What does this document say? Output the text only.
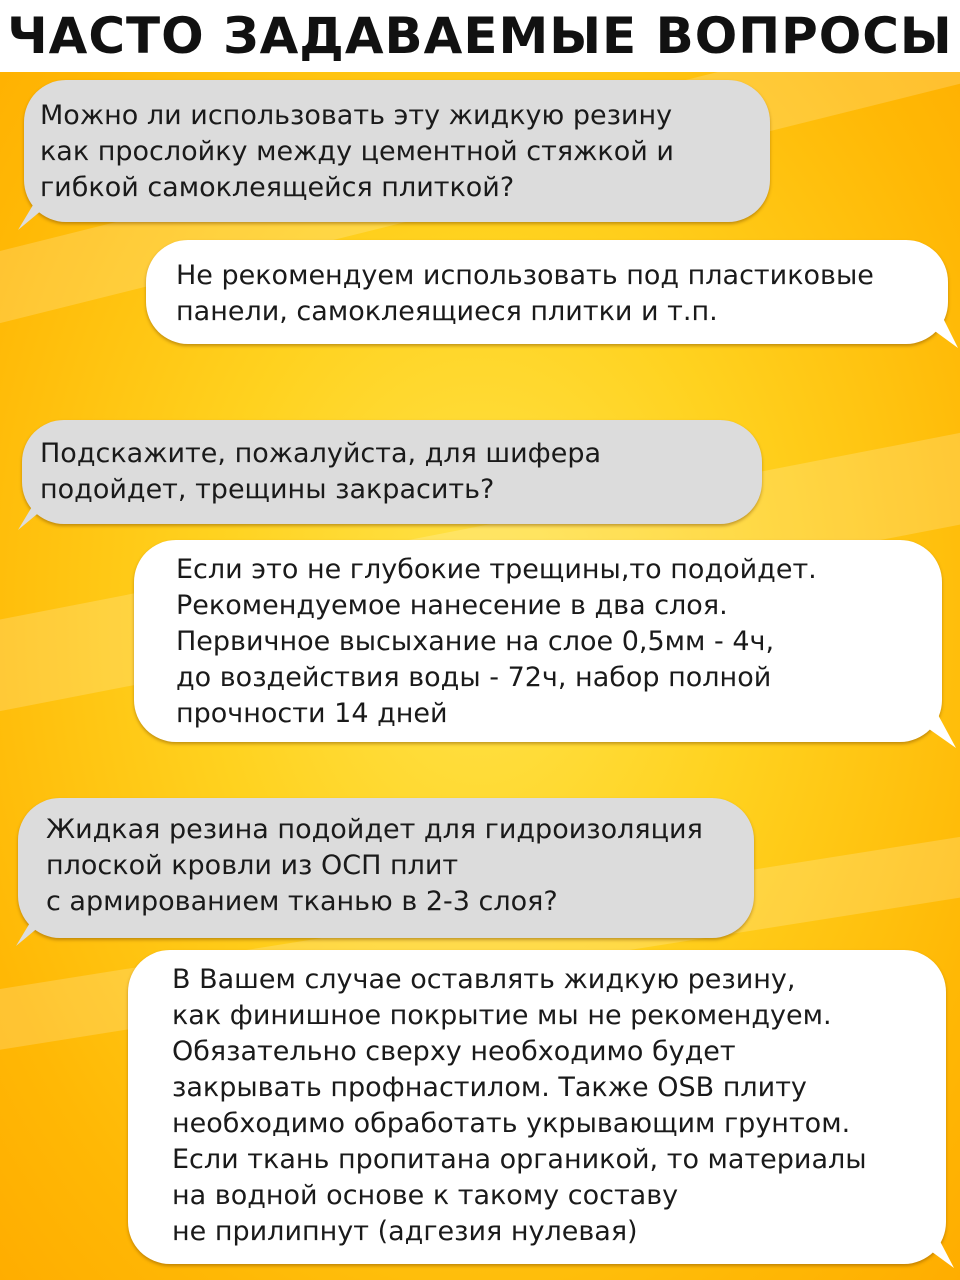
ЧАСТО ЗАДАВАЕМЫЕ ВОПРОСЫ
Можно ли использовать эту жидкую резину
как прослойку между цементной стяжкой и
гибкой самоклеящейся плиткой?
Не рекомендуем использовать под пластиковые
панели, самоклеящиеся плитки и т.п.
Подскажите, пожалуйста, для шифера
подойдет, трещины закрасить?
Если это не глубокие трещины,то подойдет.
Рекомендуемое нанесение в два слоя.
Первичное высыхание на слое 0,5мм - 4ч,
до воздействия воды - 72ч, набор полной
прочности 14 дней
Жидкая резина подойдет для гидроизоляция
плоской кровли из ОСП плит
с армированием тканью в 2-3 слоя?
В Вашем случае оставлять жидкую резину,
как финишное покрытие мы не рекомендуем.
Обязательно сверху необходимо будет
закрывать профнастилом. Также OSB плиту
необходимо обработать укрывающим грунтом.
Если ткань пропитана органикой, то материалы
на водной основе к такому составу
не прилипнут (адгезия нулевая)
